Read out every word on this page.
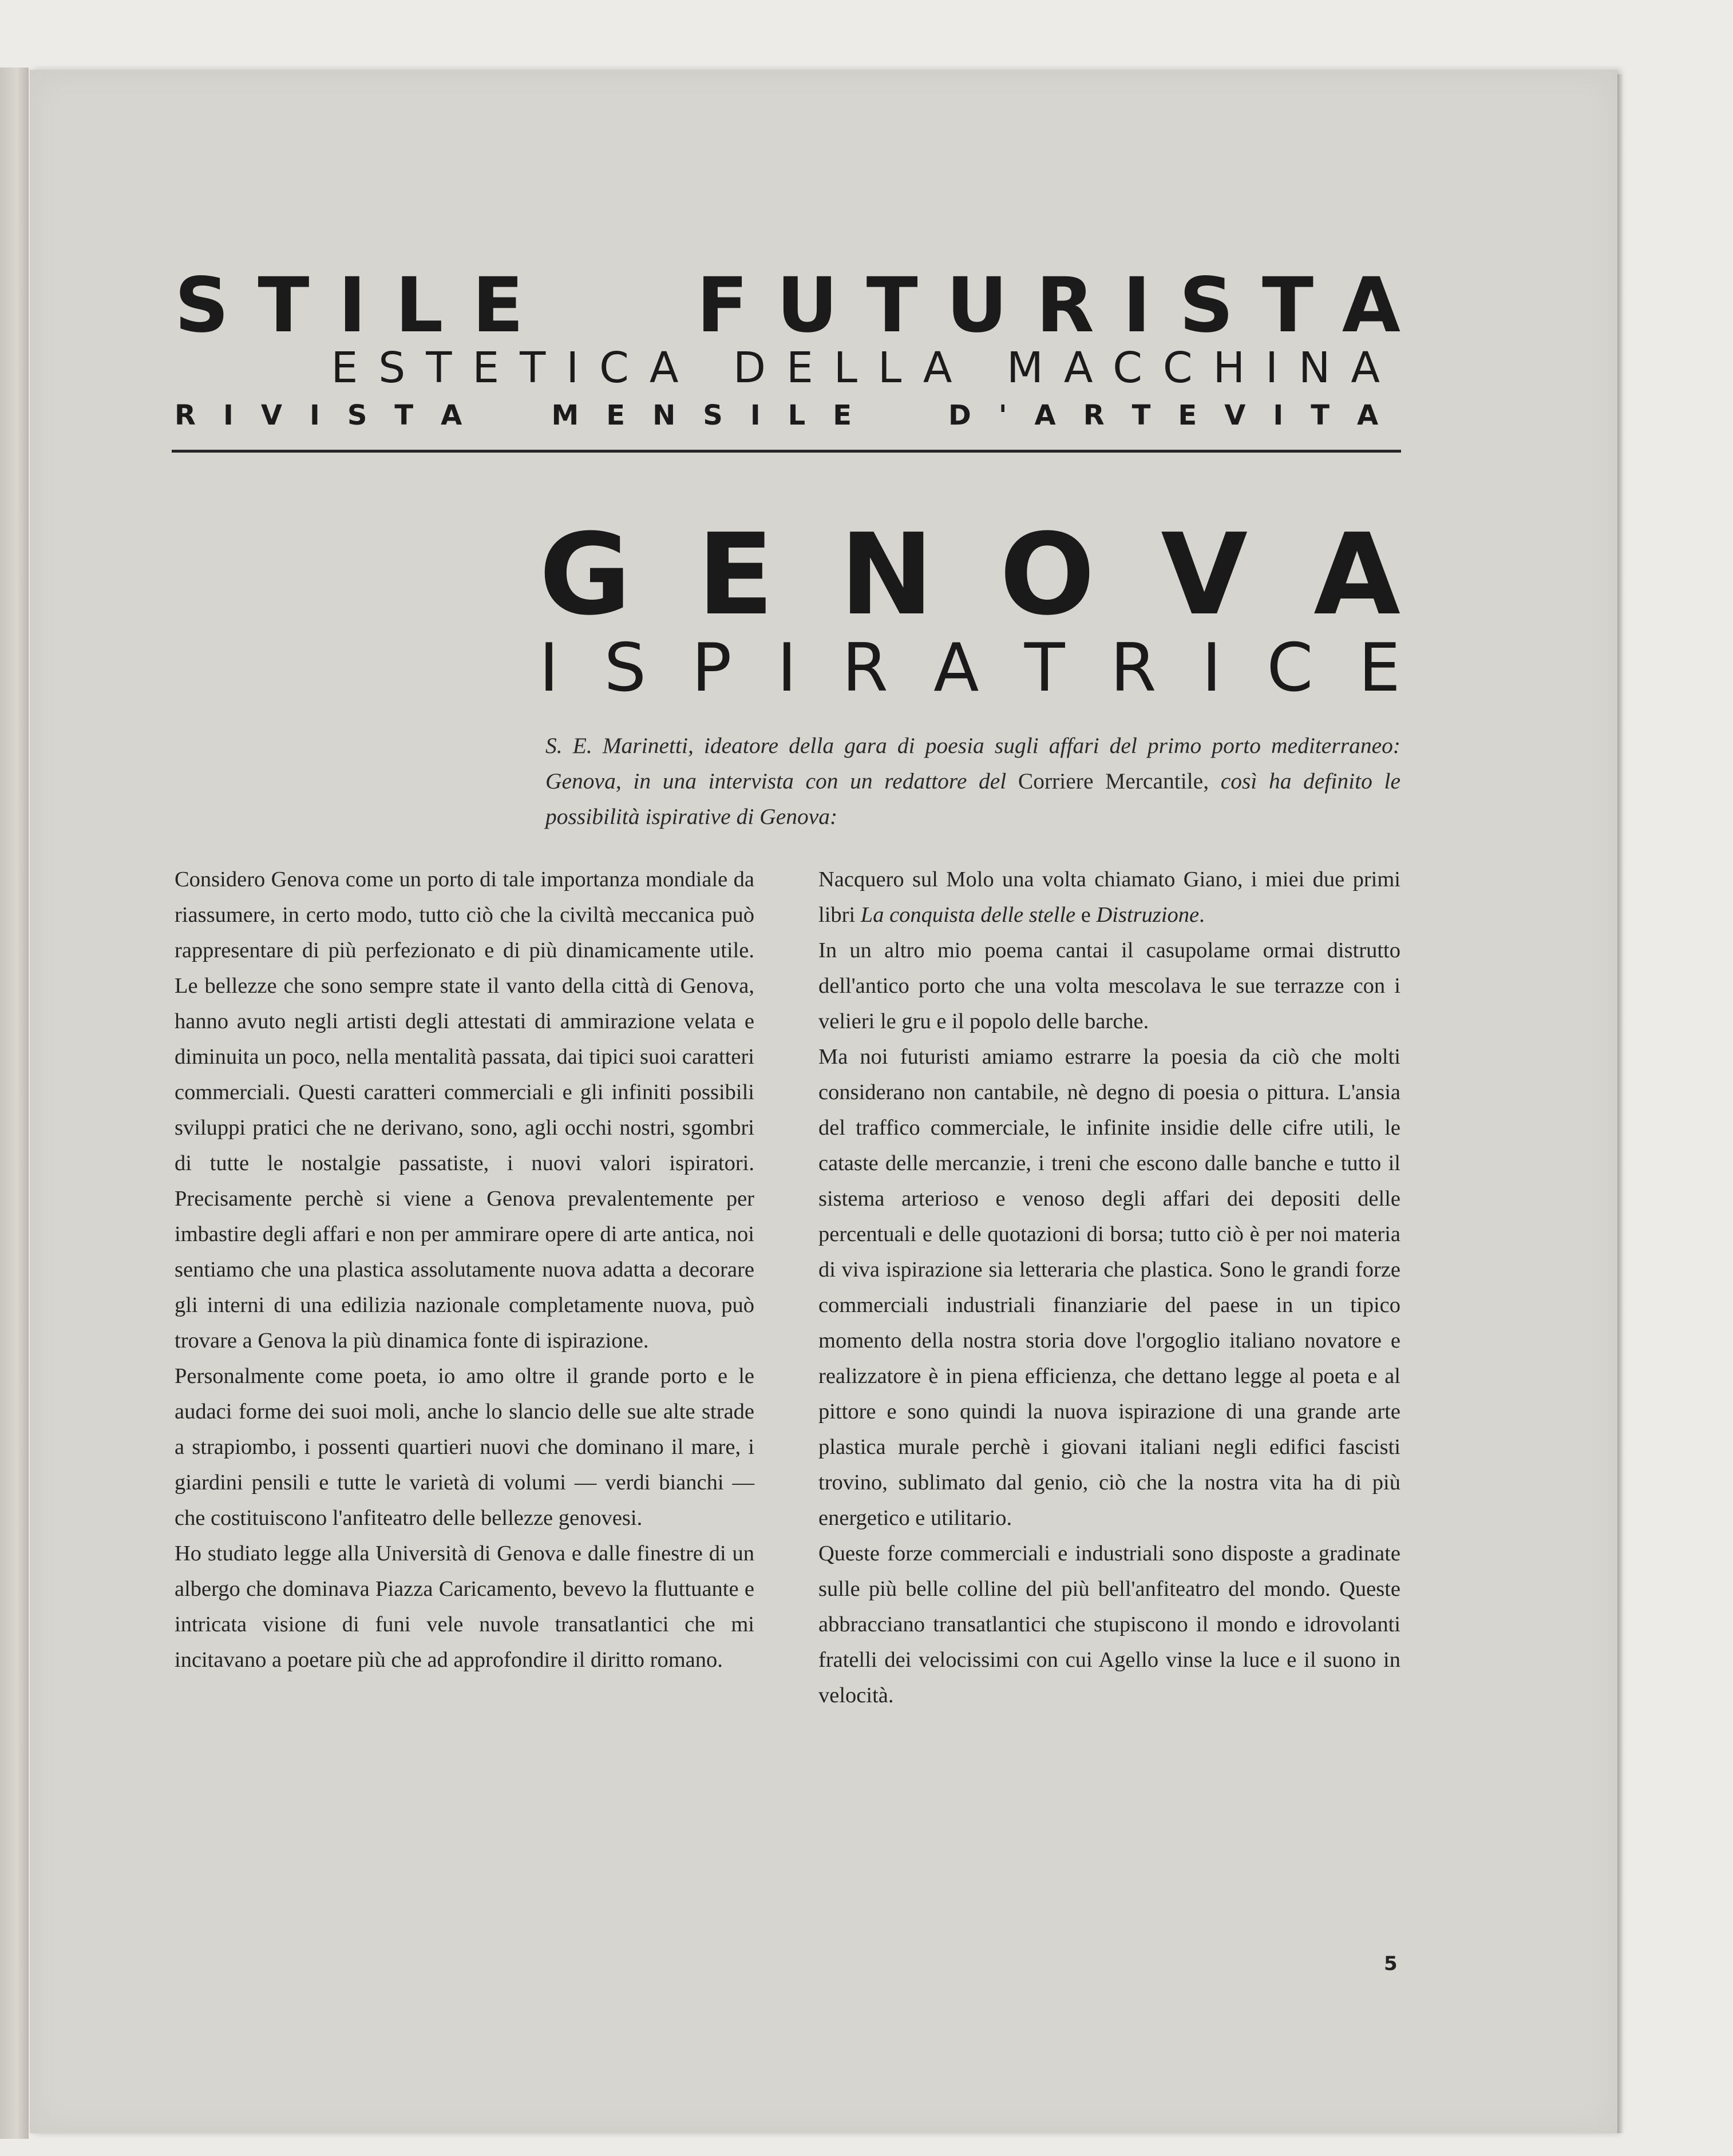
S T I L E F U T U R I S T A
ESTETICA DELLA MACCHINA
R I V I S T A M E N S I L E	D ' A R T E V I T A
G E N O V A
I S P I R A T R I C E
S. E. Marinetti, ideatore della gara di poesia sugli affari del primo porto mediterraneo: Genova, in una intervista con un redattore del Corriere Mercantile, così ha definito le possibilità ispirative di Genova:

Considero Genova come un porto di tale importanza mondiale da riassumere, in certo modo, tutto ciò che la civiltà meccanica può rappresentare di più perfezionato e di più dinamicamente utile. Le bellezze che sono sempre state il vanto della città di Genova, hanno avuto negli artisti degli attestati di ammirazione velata e diminuita un poco, nella mentalità passata, dai tipici suoi caratteri commerciali. Questi caratteri commerciali e gli infiniti possibili sviluppi pratici che ne derivano, sono, agli occhi nostri, sgombri di tutte le nostalgie passatiste, i nuovi valori ispiratori. Precisamente perchè si viene a Genova prevalentemente per imbastire degli affari e non per ammirare opere di arte antica, noi sentiamo che una plastica assolutamente nuova adatta a decorare gli interni di una edilizia nazionale completamente nuova, può trovare a Genova la più dinamica fonte di ispirazione.

Personalmente come poeta, io amo oltre il grande porto e le audaci forme dei suoi moli, anche lo slancio delle sue alte strade a strapiombo, i possenti quartieri nuovi che dominano il mare, i giardini pensili e tutte le varietà di volumi — verdi bianchi — che costituiscono l'anfiteatro delle bellezze genovesi.

Ho studiato legge alla Università di Genova e dalle finestre di un albergo che dominava Piazza Caricamento, bevevo la fluttuante e intricata visione di funi vele nuvole transatlantici che mi incitavano a poetare più che ad approfondire il diritto romano.

Nacquero sul Molo una volta chiamato Giano, i miei due primi libri La conquista delle stelle e Distruzione.

In un altro mio poema cantai il casupolame ormai distrutto dell'antico porto che una volta mescolava le sue terrazze con i velieri le gru e il popolo delle barche.

Ma noi futuristi amiamo estrarre la poesia da ciò che molti considerano non cantabile, nè degno di poesia o pittura. L'ansia del traffico commerciale, le infinite insidie delle cifre utili, le cataste delle mercanzie, i treni che escono dalle banche e tutto il sistema arterioso e venoso degli affari dei depositi delle percentuali e delle quotazioni di borsa; tutto ciò è per noi materia di viva ispirazione sia letteraria che plastica. Sono le grandi forze commerciali industriali finanziarie del paese in un tipico momento della nostra storia dove l'orgoglio italiano novatore e realizzatore è in piena efficienza, che dettano legge al poeta e al pittore e sono quindi la nuova ispirazione di una grande arte plastica murale perchè i giovani italiani negli edifici fascisti trovino, sublimato dal genio, ciò che la nostra vita ha di più energetico e utilitario.

Queste forze commerciali e industriali sono disposte a gradinate sulle più belle colline del più bell'anfiteatro del mondo. Queste abbracciano transatlantici che stupiscono il mondo e idrovolanti fratelli dei velocissimi con cui Agello vinse la luce e il suono in velocità.

5
